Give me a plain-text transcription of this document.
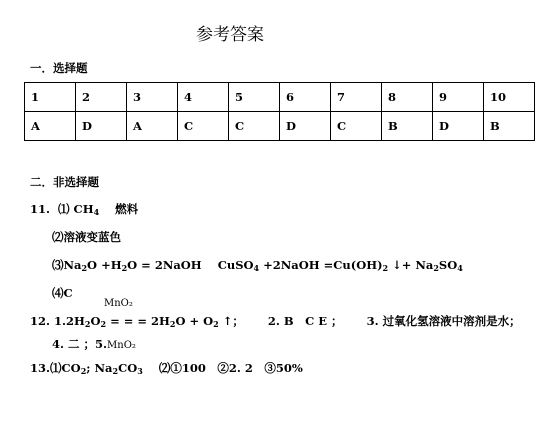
参考答案
一．选择题
1	2	3	4	5	6	7	8	9	10
A	D	A	C	C	D	C	B	D	B
二．非选择题
11. ⑴ $CH_4$ 燃料
⑵溶液变蓝色
$⑶Na_2O +H_2O$ = 2NaOH CuSO$_4$ +2NaOH $=Cu(OH)_2$ ↓+ $Na_2SO_4$
⑷C
MnO₂
12. $1.2H_2O_2$ = = = $2H_2O + O_2$ ↑； 2. B　C E ； 3. 过氧化氢溶液中溶剂是水；
4. 二 ；5.MnO₂
$13.⑴CO_2$; $Na_2CO_3$ ⑵①100　②2. 2　③50%
